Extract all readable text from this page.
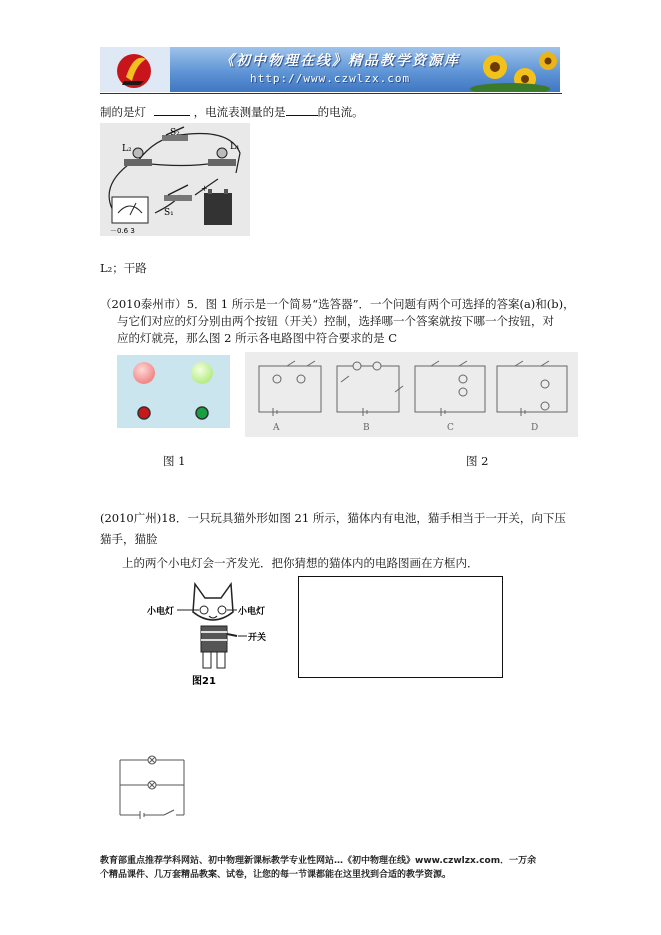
《初中物理在线》精品教学资源库
http://www.czwlzx.com
制的是灯	，电流表测量的是	的电流。
S₂
L₂	L₁
S₁
+
－0.6 3
L₂；干路
（2010泰州市）5．图 1 所示是一个简易“选答器”．一个问题有两个可选择的答案(a)和(b)，
与它们对应的灯分别由两个按钮（开关）控制，选择哪一个答案就按下哪一个按钮，对
应的灯就亮，那么图 2 所示各电路图中符合要求的是 C
A	B	C	D
图 1	图 2
(2010广州)18．一只玩具猫外形如图 21 所示，猫体内有电池，猫手相当于一开关，向下压
猫手，猫脸
上的两个小电灯会一齐发光．把你猜想的猫体内的电路图画在方框内．
小电灯	小电灯
开关
图21
教育部重点推荐学科网站、初中物理新课标教学专业性网站…《初中物理在线》www.czwlzx.com．一万余
个精品课件、几万套精品教案、试卷，让您的每一节课都能在这里找到合适的教学资源。
